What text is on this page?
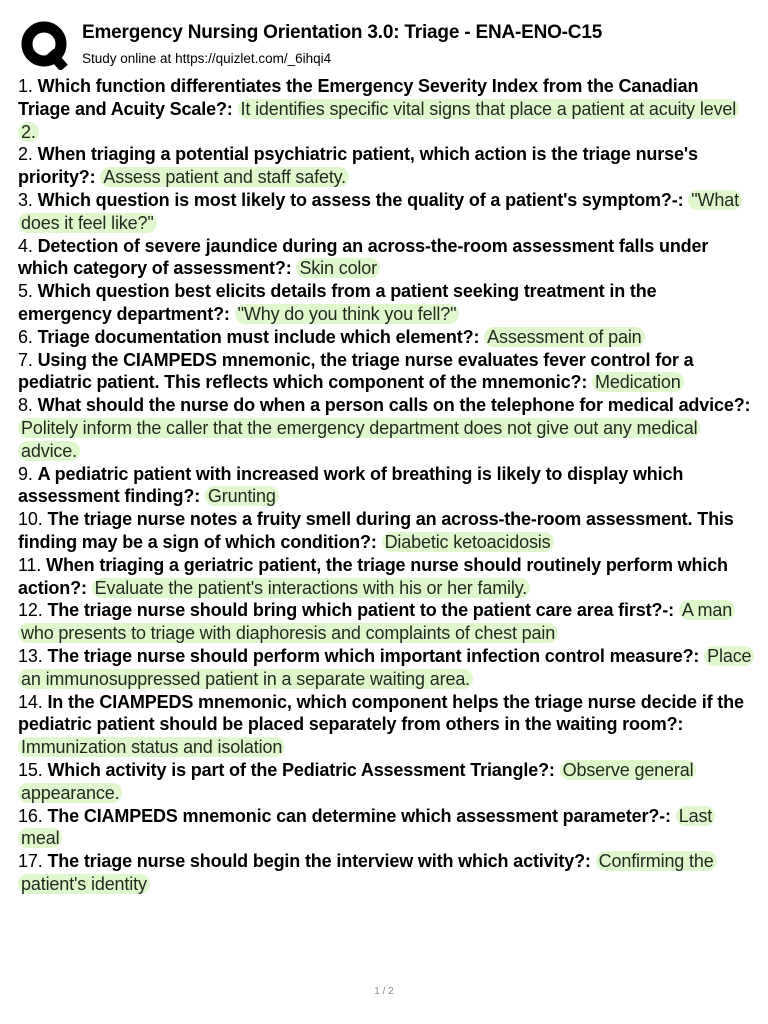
Emergency Nursing Orientation 3.0: Triage - ENA-ENO-C15
Study online at https://quizlet.com/_6ihqi4

1. Which function differentiates the Emergency Severity Index from the Canadian Triage and Acuity Scale?: It identifies specific vital signs that place a patient at acuity level 2.

2. When triaging a potential psychiatric patient, which action is the triage nurse's priority?: Assess patient and staff safety.

3. Which question is most likely to assess the quality of a patient's symptom?-: "What does it feel like?"

4. Detection of severe jaundice during an across-the-room assessment falls under which category of assessment?: Skin color

5. Which question best elicits details from a patient seeking treatment in the emergency department?: "Why do you think you fell?"

6. Triage documentation must include which element?: Assessment of pain

7. Using the CIAMPEDS mnemonic, the triage nurse evaluates fever control for a pediatric patient. This reflects which component of the mnemonic?: Medication

8. What should the nurse do when a person calls on the telephone for medical advice?: Politely inform the caller that the emergency department does not give out any medical advice.

9. A pediatric patient with increased work of breathing is likely to display which assessment finding?: Grunting

10. The triage nurse notes a fruity smell during an across-the-room assessment. This finding may be a sign of which condition?: Diabetic ketoacidosis

11. When triaging a geriatric patient, the triage nurse should routinely perform which action?: Evaluate the patient's interactions with his or her family.

12. The triage nurse should bring which patient to the patient care area first?-: A man who presents to triage with diaphoresis and complaints of chest pain

13. The triage nurse should perform which important infection control measure?: Place an immunosuppressed patient in a separate waiting area.

14. In the CIAMPEDS mnemonic, which component helps the triage nurse decide if the pediatric patient should be placed separately from others in the waiting room?: Immunization status and isolation

15. Which activity is part of the Pediatric Assessment Triangle?: Observe general appearance.

16. The CIAMPEDS mnemonic can determine which assessment parameter?-: Last meal

17. The triage nurse should begin the interview with which activity?: Confirming the patient's identity

1 / 2
